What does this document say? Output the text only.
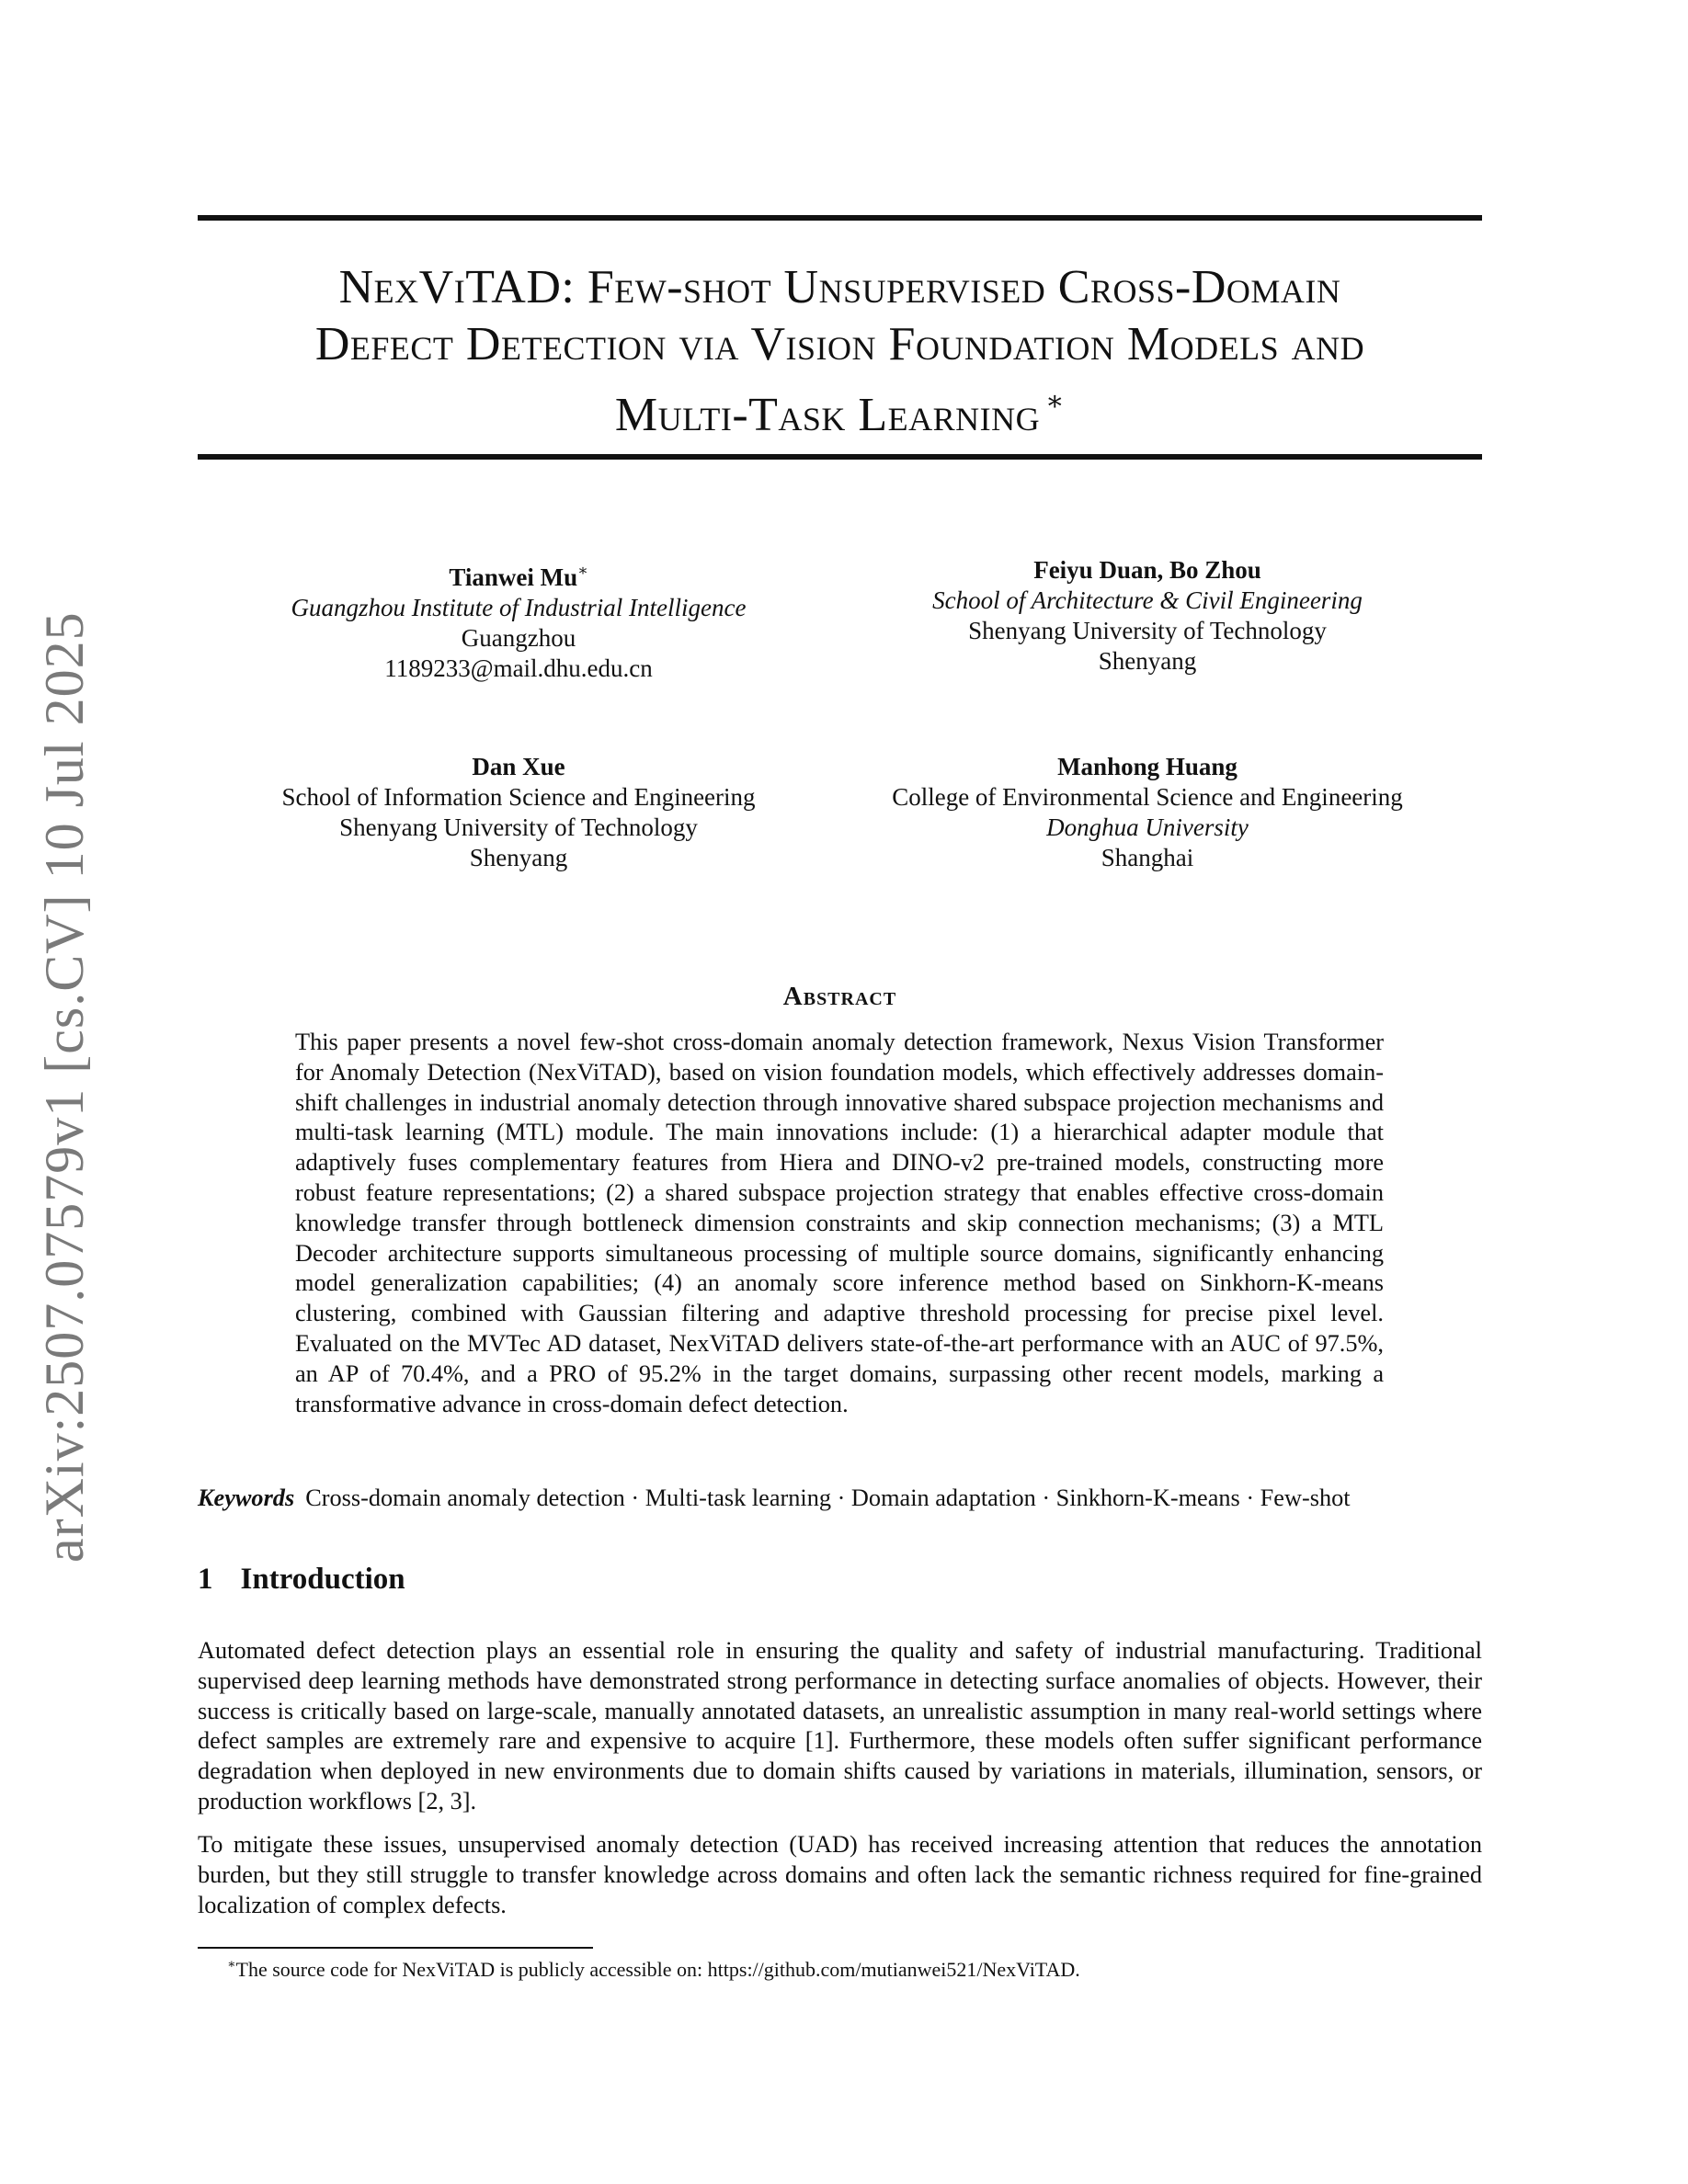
arXiv:2507.07579v1 [cs.CV] 10 Jul 2025
NexViTAD: Few-shot Unsupervised Cross-Domain
Defect Detection via Vision Foundation Models and
Multi-Task Learning ∗
Tianwei Mu∗
Guangzhou Institute of Industrial Intelligence
Guangzhou
1189233@mail.dhu.edu.cn
Feiyu Duan, Bo Zhou
School of Architecture & Civil Engineering
Shenyang University of Technology
Shenyang
Dan Xue
School of Information Science and Engineering
Shenyang University of Technology
Shenyang
Manhong Huang
College of Environmental Science and Engineering
Donghua University
Shanghai
Abstract
This paper presents a novel few-shot cross-domain anomaly detection framework, Nexus Vision Transformer for Anomaly Detection (NexViTAD), based on vision foundation models, which effectively addresses domain-shift challenges in industrial anomaly detection through innovative shared subspace projection mechanisms and multi-task learning (MTL) module. The main innovations include: (1) a hierarchical adapter module that adaptively fuses complementary features from Hiera and DINO-v2 pre-trained models, constructing more robust feature representations; (2) a shared subspace projection strategy that enables effective cross-domain knowledge transfer through bottleneck dimension constraints and skip connection mechanisms; (3) a MTL Decoder architecture supports simultaneous processing of multiple source domains, significantly enhancing model generalization capabilities; (4) an anomaly score inference method based on Sinkhorn-K-means clustering, combined with Gaussian filtering and adaptive threshold processing for precise pixel level. Evaluated on the MVTec AD dataset, NexViTAD delivers state-of-the-art performance with an AUC of 97.5%, an AP of 70.4%, and a PRO of 95.2% in the target domains, surpassing other recent models, marking a transformative advance in cross-domain defect detection.
Keywords Cross-domain anomaly detection · Multi-task learning · Domain adaptation · Sinkhorn-K-means · Few-shot
1 Introduction
Automated defect detection plays an essential role in ensuring the quality and safety of industrial manufacturing. Traditional supervised deep learning methods have demonstrated strong performance in detecting surface anomalies of objects. However, their success is critically based on large-scale, manually annotated datasets, an unrealistic assumption in many real-world settings where defect samples are extremely rare and expensive to acquire [1]. Furthermore, these models often suffer significant performance degradation when deployed in new environments due to domain shifts caused by variations in materials, illumination, sensors, or production workflows [2, 3].
To mitigate these issues, unsupervised anomaly detection (UAD) has received increasing attention that reduces the annotation burden, but they still struggle to transfer knowledge across domains and often lack the semantic richness required for fine-grained localization of complex defects.
∗The source code for NexViTAD is publicly accessible on: https://github.com/mutianwei521/NexViTAD.
